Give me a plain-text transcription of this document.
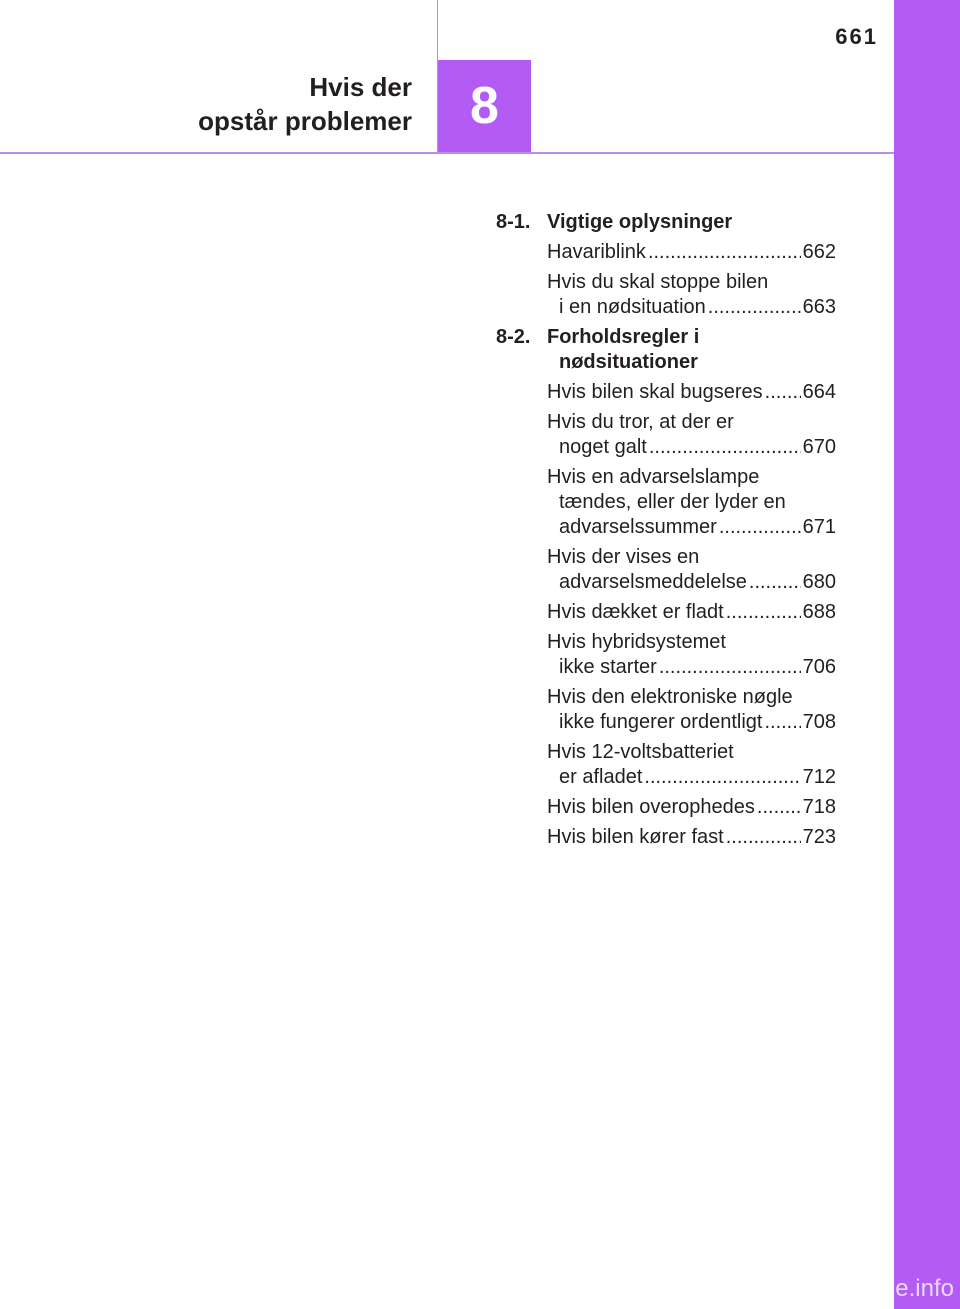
661
Hvis der
opstår problemer	8
8-1. Vigtige oplysninger
Havariblink .....	662
Hvis du skal stoppe bilen
i en nødsituation .....	663
8-2. Forholdsregler i
nødsituationer
Hvis bilen skal bugseres ..... 664
Hvis du tror, at der er
noget galt .....	670
Hvis en advarselslampe
tændes, eller der lyder en
advarselssummer .....	671
Hvis der vises en
advarselsmeddelelse .....	680
Hvis dækket er fladt .....	688
Hvis hybridsystemet
ikke starter .....	706
Hvis den elektroniske nøgle
ikke fungerer ordentligt ..... 708
Hvis 12-voltsbatteriet
er afladet .....	712
Hvis bilen overophedes ..... 718
Hvis bilen kører fast .....	723
carmanualsonline.info
